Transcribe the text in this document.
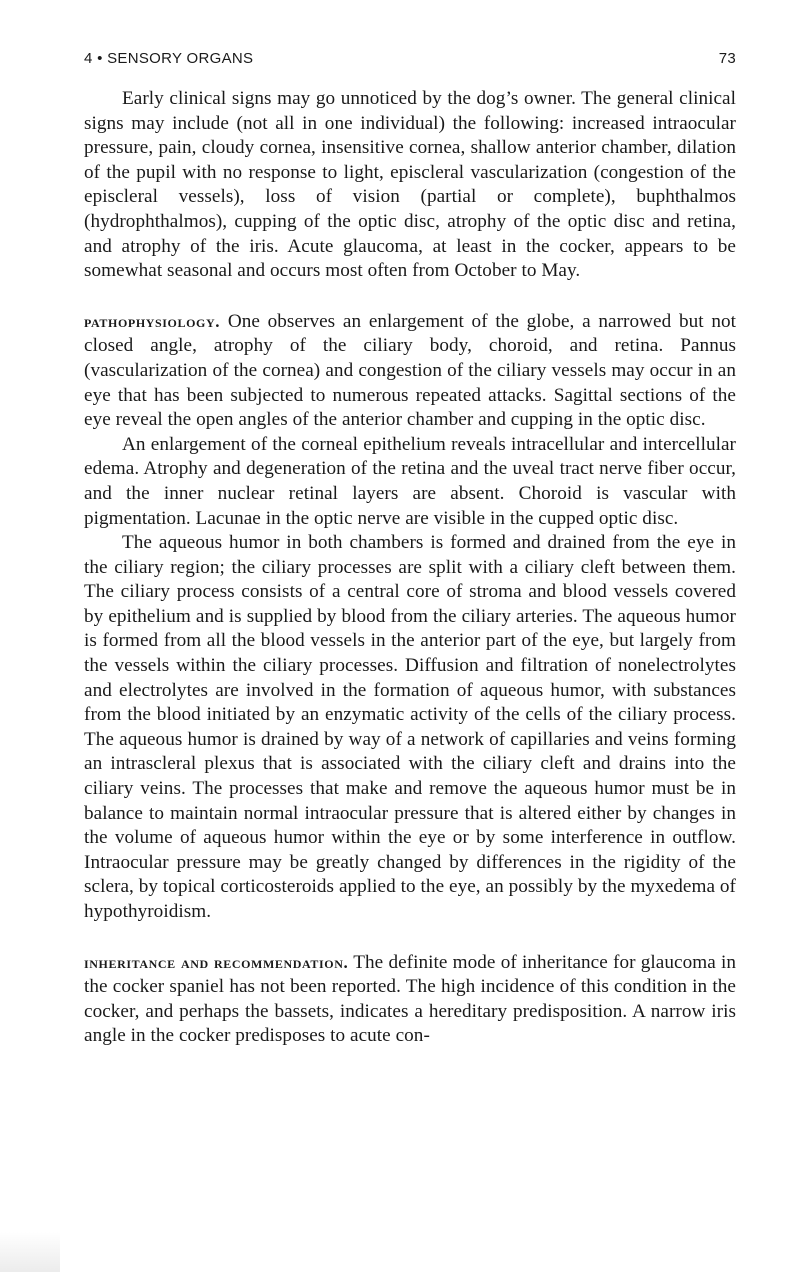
4 • SENSORY ORGANS	73

Early clinical signs may go unnoticed by the dog’s owner. The general clinical signs may include (not all in one individual) the following: increased intraocular pressure, pain, cloudy cornea, insensitive cornea, shallow anterior chamber, dilation of the pupil with no response to light, episcleral vascularization (congestion of the episcleral vessels), loss of vision (partial or complete), buphthalmos (hydrophthalmos), cupping of the optic disc, atrophy of the optic disc and retina, and atrophy of the iris. Acute glaucoma, at least in the cocker, appears to be somewhat seasonal and occurs most often from October to May.

pathophysiology. One observes an enlargement of the globe, a narrowed but not closed angle, atrophy of the ciliary body, choroid, and retina. Pannus (vascularization of the cornea) and congestion of the ciliary vessels may occur in an eye that has been subjected to numerous repeated attacks. Sagittal sections of the eye reveal the open angles of the anterior chamber and cupping in the optic disc.

An enlargement of the corneal epithelium reveals intracellular and intercellular edema. Atrophy and degeneration of the retina and the uveal tract nerve fiber occur, and the inner nuclear retinal layers are absent. Choroid is vascular with pigmentation. Lacunae in the optic nerve are visible in the cupped optic disc.

The aqueous humor in both chambers is formed and drained from the eye in the ciliary region; the ciliary processes are split with a ciliary cleft between them. The ciliary process consists of a central core of stroma and blood vessels covered by epithelium and is supplied by blood from the ciliary arteries. The aqueous humor is formed from all the blood vessels in the anterior part of the eye, but largely from the vessels within the ciliary processes. Diffusion and filtration of nonelectrolytes and electrolytes are involved in the formation of aqueous humor, with substances from the blood initiated by an enzymatic activity of the cells of the ciliary process. The aqueous humor is drained by way of a network of capillaries and veins forming an intrascleral plexus that is associated with the ciliary cleft and drains into the ciliary veins. The processes that make and remove the aqueous humor must be in balance to maintain normal intraocular pressure that is altered either by changes in the volume of aqueous humor within the eye or by some interference in outflow. Intraocular pressure may be greatly changed by differences in the rigidity of the sclera, by topical corticosteroids applied to the eye, an possibly by the myxedema of hypothyroidism.

inheritance and recommendation. The definite mode of inheritance for glaucoma in the cocker spaniel has not been reported. The high incidence of this condition in the cocker, and perhaps the bassets, indicates a hereditary predisposition. A narrow iris angle in the cocker predisposes to acute con-
